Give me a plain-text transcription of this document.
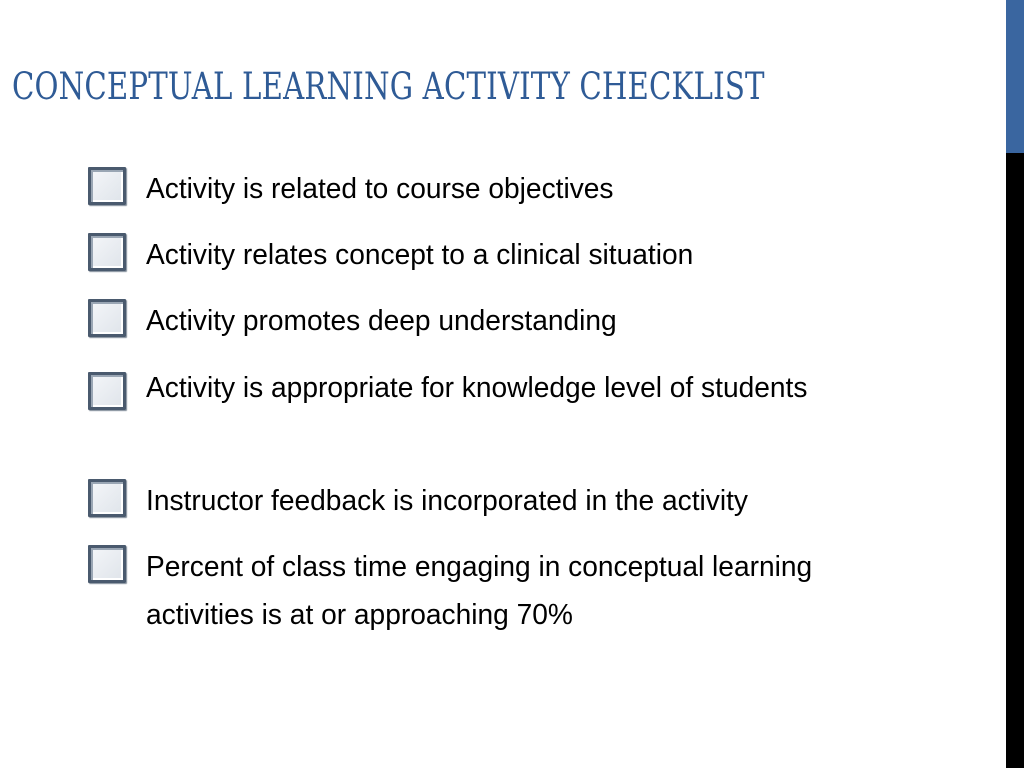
CONCEPTUAL LEARNING ACTIVITY CHECKLIST
Activity is related to course objectives
Activity relates concept to a clinical situation
Activity promotes deep understanding
Activity is appropriate for knowledge level of students
Instructor feedback is incorporated in the activity
Percent of class time engaging in conceptual learning activities is at or approaching 70%
